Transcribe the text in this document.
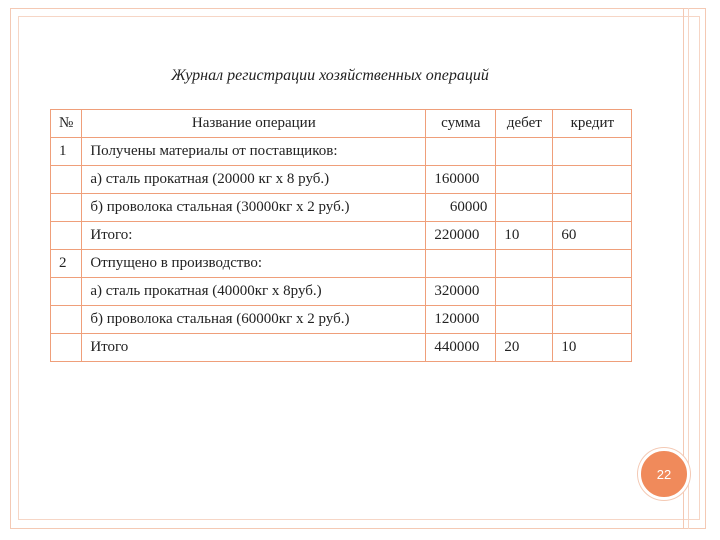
Журнал регистрации хозяйственных операций
№	Название операции	сумма	дебет	кредит
1	Получены материалы от поставщиков:			
	а) сталь прокатная (20000 кг х 8 руб.)	160000		
	б) проволока стальная (30000кг х 2 руб.)	60000		
	Итого:	220000	10	60
2	Отпущено в производство:			
	а) сталь прокатная (40000кг х 8руб.)	320000		
	б) проволока стальная (60000кг х 2 руб.)	120000		
	Итого	440000	20	10
22
